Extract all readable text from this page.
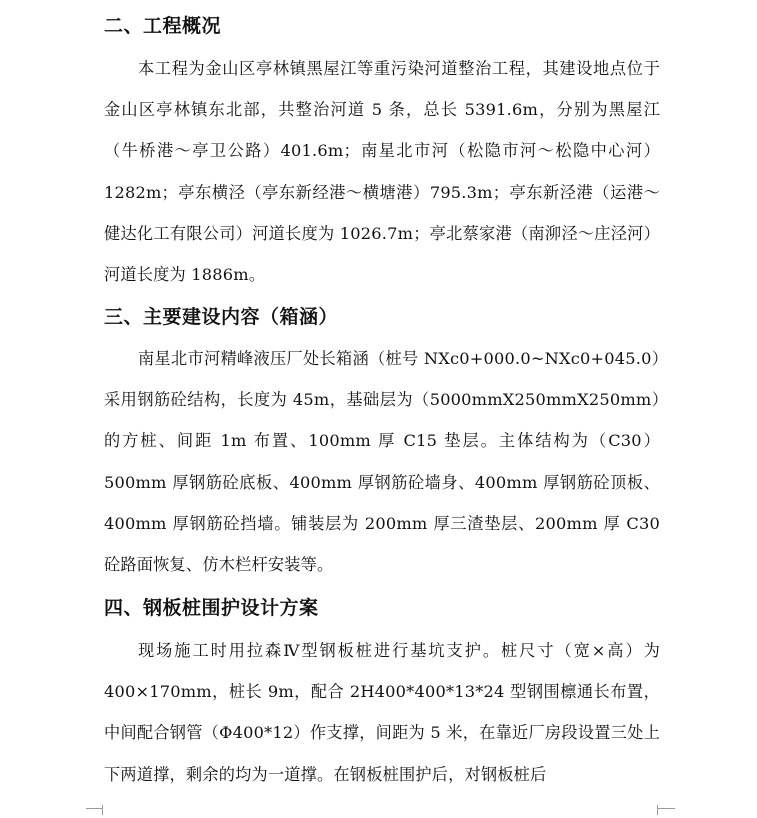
二、工程概况
本工程为金山区亭林镇黑屋江等重污染河道整治工程，其建设地点位于金山区亭林镇东北部，共整治河道 5 条，总长 5391.6m，分别为黑屋江（牛桥港～亭卫公路）401.6m；南星北市河（松隐市河～松隐中心河）1282m；亭东横泾（亭东新经港～横塘港）795.3m；亭东新泾港（运港～健达化工有限公司）河道长度为 1026.7m；亭北蔡家港（南泖泾～庄泾河）河道长度为 1886m。
三、主要建设内容（箱涵）
南星北市河精峰液压厂处长箱涵（桩号 NXc0+000.0~NXc0+045.0）采用钢筋砼结构，长度为 45m，基础层为（5000mmX250mmX250mm）的方桩、间距 1m 布置、100mm 厚 C15 垫层。主体结构为（C30）500mm 厚钢筋砼底板、400mm 厚钢筋砼墙身、400mm 厚钢筋砼顶板、400mm 厚钢筋砼挡墙。铺装层为 200mm 厚三渣垫层、200mm 厚 C30 砼路面恢复、仿木栏杆安装等。
四、钢板桩围护设计方案
现场施工时用拉森Ⅳ型钢板桩进行基坑支护。桩尺寸（宽×高）为 400×170mm，桩长 9m，配合 2H400*400*13*24 型钢围檩通长布置，中间配合钢管（Φ400*12）作支撑，间距为 5 米，在靠近厂房段设置三处上下两道撑，剩余的均为一道撑。在钢板桩围护后，对钢板桩后
